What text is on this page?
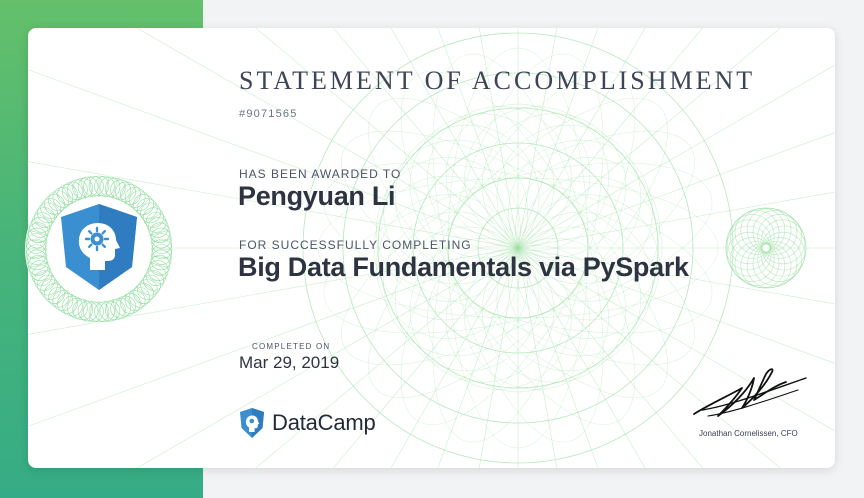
STATEMENT OF ACCOMPLISHMENT
#9071565
HAS BEEN AWARDED TO
Pengyuan Li
FOR SUCCESSFULLY COMPLETING
Big Data Fundamentals via PySpark
COMPLETED ON
Mar 29, 2019
DataCamp	Jonathan Cornelissen, CFO
